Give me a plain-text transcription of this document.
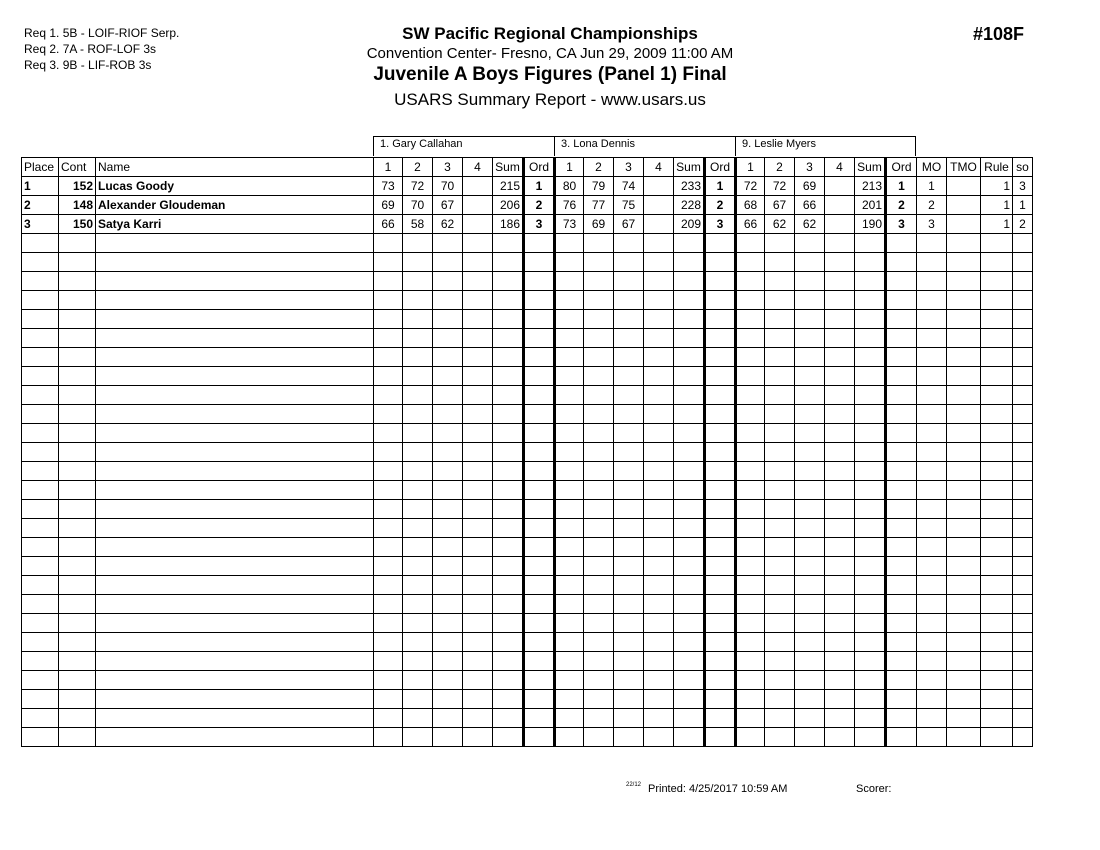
Req 1. 5B - LOIF-RIOF Serp.
Req 2. 7A - ROF-LOF 3s
Req 3. 9B - LIF-ROB 3s
SW Pacific Regional Championships
Convention Center- Fresno, CA Jun 29, 2009 11:00 AM
Juvenile A Boys Figures (Panel 1) Final
USARS Summary Report - www.usars.us
#108F
1. Gary Callahan	3. Lona Dennis	9. Leslie Myers
Place	Cont	Name	1	2	3	4	Sum	Ord	1	2	3	4	Sum	Ord	1	2	3	4	Sum	Ord	MO	TMO	Rule	so
1	152	Lucas Goody	73	72	70		215	1	80	79	74		233	1	72	72	69		213	1	1		1	3
2	148	Alexander Gloudeman	69	70	67		206	2	76	77	75		228	2	68	67	66		201	2	2		1	1
3	150	Satya Karri	66	58	62		186	3	73	69	67		209	3	66	62	62		190	3	3		1	2

22/12 Printed: 4/25/2017 10:59 AM	Scorer:
